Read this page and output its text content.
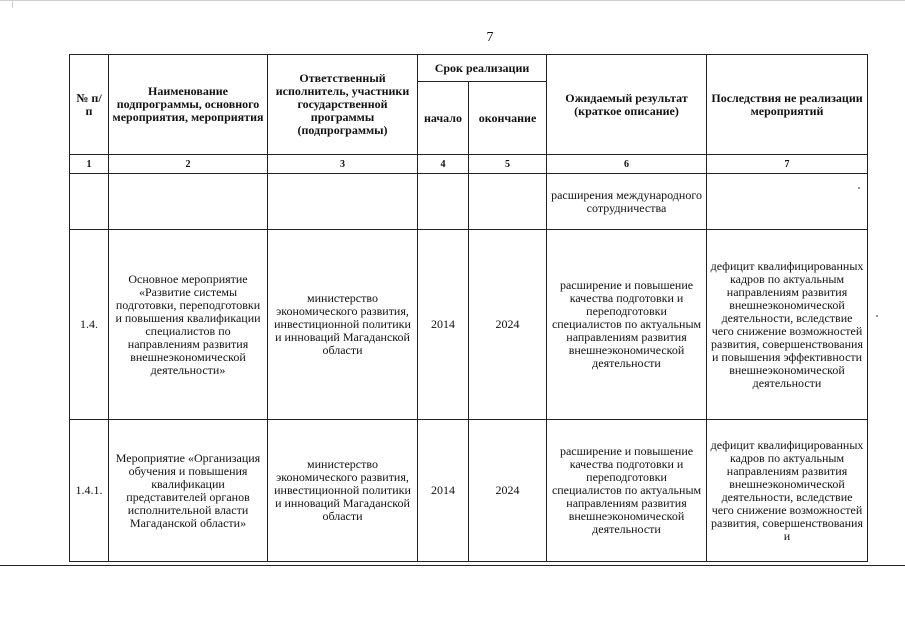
7
№ п/п	Наименование подпрограммы, основного мероприятия, мероприятия	Ответственный исполнитель, участники государственной программы (подпрограммы)	Срок реализации		Ожидаемый результат (краткое описание)	Последствия не реализации мероприятий
			начало	окончание		
1	2	3	4	5	6	7
					расширения международного сотрудничества	
1.4.	Основное мероприятие «Развитие системы подготовки, переподготовки и повышения квалификации специалистов по направлениям развития внешнеэкономической деятельности»	министерство экономического развития, инвестиционной политики и инноваций Магаданской области	2014	2024	расширение и повышение качества подготовки и переподготовки специалистов по актуальным направлениям развития внешнеэкономической деятельности	дефицит квалифицированных кадров по актуальным направлениям развития внешнеэкономической деятельности, вследствие чего снижение возможностей развития, совершенствования и повышения эффективности внешнеэкономической деятельности
1.4.1.	Мероприятие «Организация обучения и повышения квалификации представителей органов исполнительной власти Магаданской области»	министерство экономического развития, инвестиционной политики и инноваций Магаданской области	2014	2024	расширение и повышение качества подготовки и переподготовки специалистов по актуальным направлениям развития внешнеэкономической деятельности	дефицит квалифицированных кадров по актуальным направлениям развития внешнеэкономической деятельности, вследствие чего снижение возможностей развития, совершенствования и
